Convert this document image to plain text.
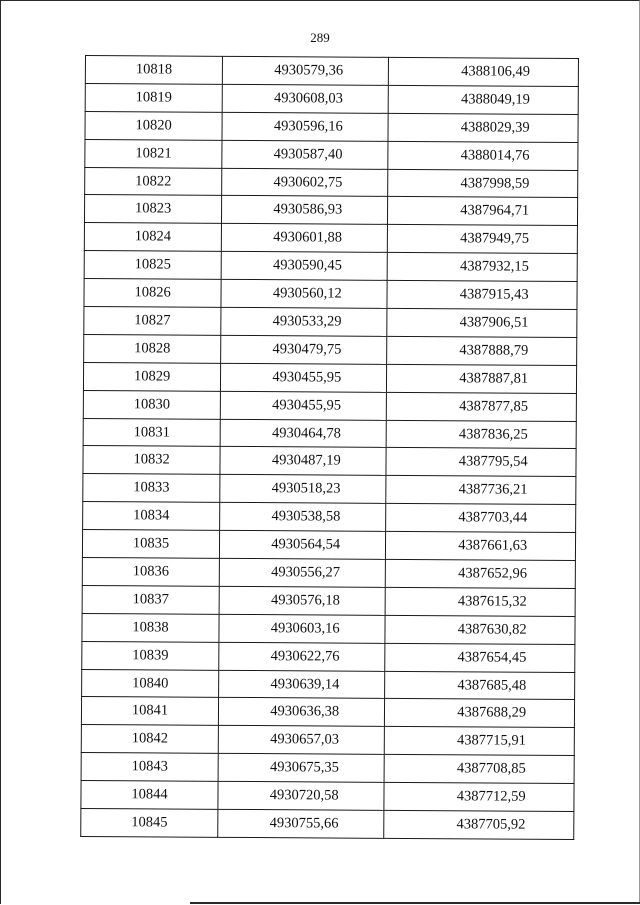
289
10818	4930579,36	4388106,49
10819	4930608,03	4388049,19
10820	4930596,16	4388029,39
10821	4930587,40	4388014,76
10822	4930602,75	4387998,59
10823	4930586,93	4387964,71
10824	4930601,88	4387949,75
10825	4930590,45	4387932,15
10826	4930560,12	4387915,43
10827	4930533,29	4387906,51
10828	4930479,75	4387888,79
10829	4930455,95	4387887,81
10830	4930455,95	4387877,85
10831	4930464,78	4387836,25
10832	4930487,19	4387795,54
10833	4930518,23	4387736,21
10834	4930538,58	4387703,44
10835	4930564,54	4387661,63
10836	4930556,27	4387652,96
10837	4930576,18	4387615,32
10838	4930603,16	4387630,82
10839	4930622,76	4387654,45
10840	4930639,14	4387685,48
10841	4930636,38	4387688,29
10842	4930657,03	4387715,91
10843	4930675,35	4387708,85
10844	4930720,58	4387712,59
10845	4930755,66	4387705,92
